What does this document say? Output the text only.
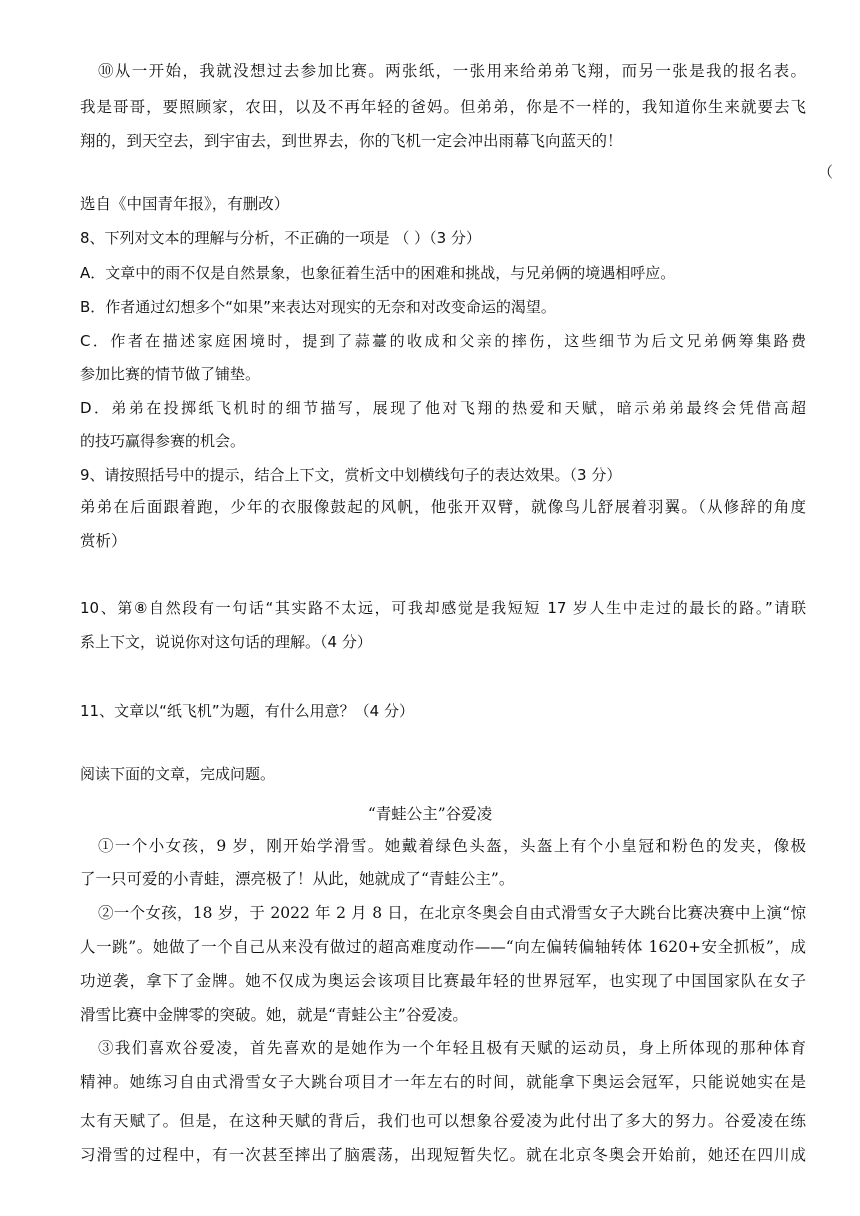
⑩从一开始，我就没想过去参加比赛。两张纸，一张用来给弟弟飞翔，而另一张是我的报名表。
我是哥哥，要照顾家，农田，以及不再年轻的爸妈。但弟弟，你是不一样的，我知道你生来就要去飞
翔的，到天空去，到宇宙去，到世界去，你的飞机一定会冲出雨幕飞向蓝天的！
（
选自《中国青年报》，有删改）
8、下列对文本的理解与分析，不正确的一项是 （ ）（3 分）
A．文章中的雨不仅是自然景象，也象征着生活中的困难和挑战，与兄弟俩的境遇相呼应。
B．作者通过幻想多个“如果”来表达对现实的无奈和对改变命运的渴望。
C．作者在描述家庭困境时，提到了蒜薹的收成和父亲的摔伤，这些细节为后文兄弟俩筹集路费
参加比赛的情节做了铺垫。
D．弟弟在投掷纸飞机时的细节描写，展现了他对飞翔的热爱和天赋，暗示弟弟最终会凭借高超
的技巧赢得参赛的机会。
9、请按照括号中的提示，结合上下文，赏析文中划横线句子的表达效果。（3 分）
弟弟在后面跟着跑，少年的衣服像鼓起的风帆，他张开双臂，就像鸟儿舒展着羽翼。（从修辞的角度
赏析）
10、第⑧自然段有一句话“其实路不太远，可我却感觉是我短短 17 岁人生中走过的最长的路。”请联
系上下文，说说你对这句话的理解。（4 分）
11、文章以“纸飞机”为题，有什么用意？（4 分）
阅读下面的文章，完成问题。
“青蛙公主”谷爱凌
①一个小女孩，9 岁，刚开始学滑雪。她戴着绿色头盔，头盔上有个小皇冠和粉色的发夹，像极
了一只可爱的小青蛙，漂亮极了！从此，她就成了“青蛙公主”。
②一个女孩，18 岁，于 2022 年 2 月 8 日，在北京冬奥会自由式滑雪女子大跳台比赛决赛中上演“惊
人一跳”。她做了一个自己从来没有做过的超高难度动作——“向左偏转偏轴转体 1620+安全抓板”，成
功逆袭，拿下了金牌。她不仅成为奥运会该项目比赛最年轻的世界冠军，也实现了中国国家队在女子
滑雪比赛中金牌零的突破。她，就是“青蛙公主”谷爱凌。
③我们喜欢谷爱凌，首先喜欢的是她作为一个年轻且极有天赋的运动员，身上所体现的那种体育
精神。她练习自由式滑雪女子大跳台项目才一年左右的时间，就能拿下奥运会冠军，只能说她实在是
太有天赋了。但是，在这种天赋的背后，我们也可以想象谷爱凌为此付出了多大的努力。谷爱凌在练
习滑雪的过程中，有一次甚至摔出了脑震荡，出现短暂失忆。就在北京冬奥会开始前，她还在四川成
